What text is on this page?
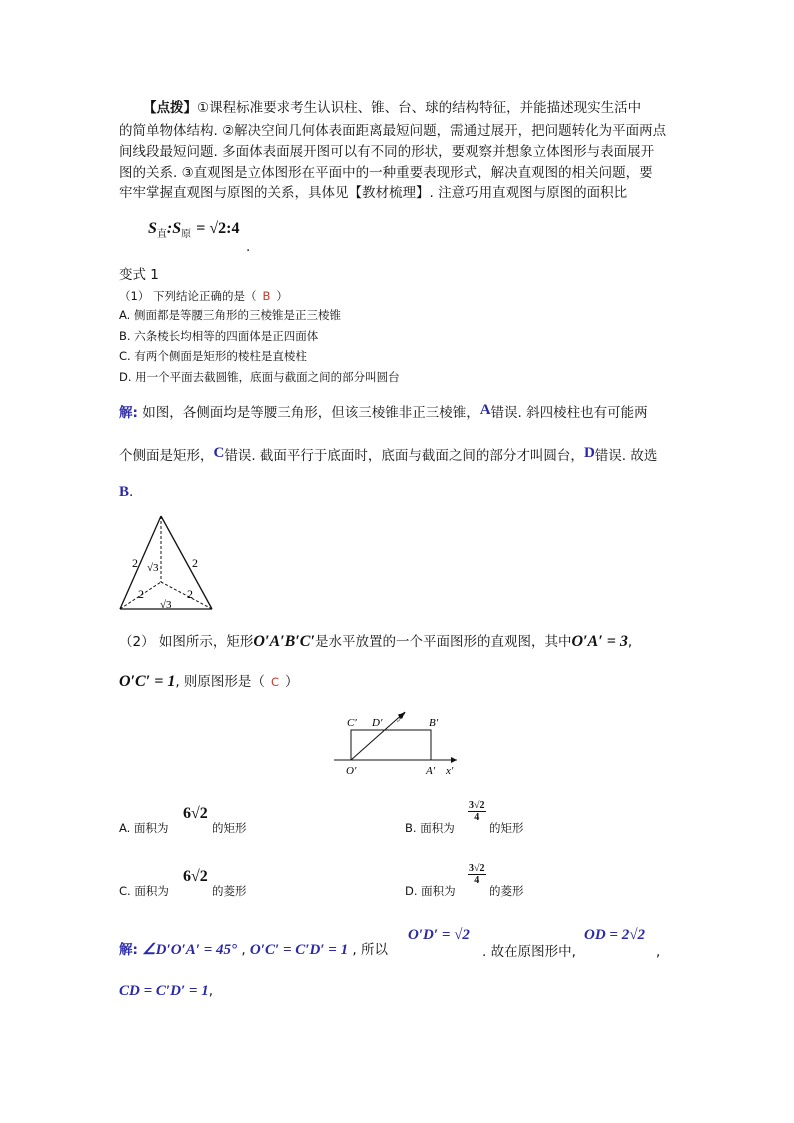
【点拨】①课程标准要求考生认识柱、锥、台、球的结构特征，并能描述现实生活中
的简单物体结构. ②解决空间几何体表面距离最短问题，需通过展开，把问题转化为平面两点
间线段最短问题. 多面体表面展开图可以有不同的形状，要观察并想象立体图形与表面展开
图的关系. ③直观图是立体图形在平面中的一种重要表现形式，解决直观图的相关问题，要
牢牢掌握直观图与原图的关系，具体见【教材梳理】. 注意巧用直观图与原图的面积比
$S_直:S_原$ = √2:4
.
变式 1
（1） 下列结论正确的是（ B ）
A. 侧面都是等腰三角形的三棱锥是正三棱锥
B. 六条棱长均相等的四面体是正四面体
C. 有两个侧面是矩形的棱柱是直棱柱
D. 用一个平面去截圆锥，底面与截面之间的部分叫圆台
解: 如图，各侧面均是等腰三角形，但该三棱锥非正三棱锥，A错误. 斜四棱柱也有可能两
个侧面是矩形，C错误. 截面平行于底面时，底面与截面之间的部分才叫圆台，D错误. 故选
B.
2 √3	2
2	2
√3
（2） 如图所示，矩形O′A′B′C′是水平放置的一个平面图形的直观图，其中O′A′ = 3,
O′C′ = 1, 则原图形是（ C ）
C′ D′
y′
B′
O′	A′ x′
A. 面积为
6√2
的矩形	B. 面积为
$\frac{3√2}{4}$
的矩形
C. 面积为
6√2
的菱形	D. 面积为
$\frac{3√2}{4}$
的菱形
解: ∠D′O′A′ = 45° , O′C′ = C′D′ = 1 , 所以
O′D′ = √2
. 故在原图形中,
OD = 2√2
,
CD = C′D′ = 1,
